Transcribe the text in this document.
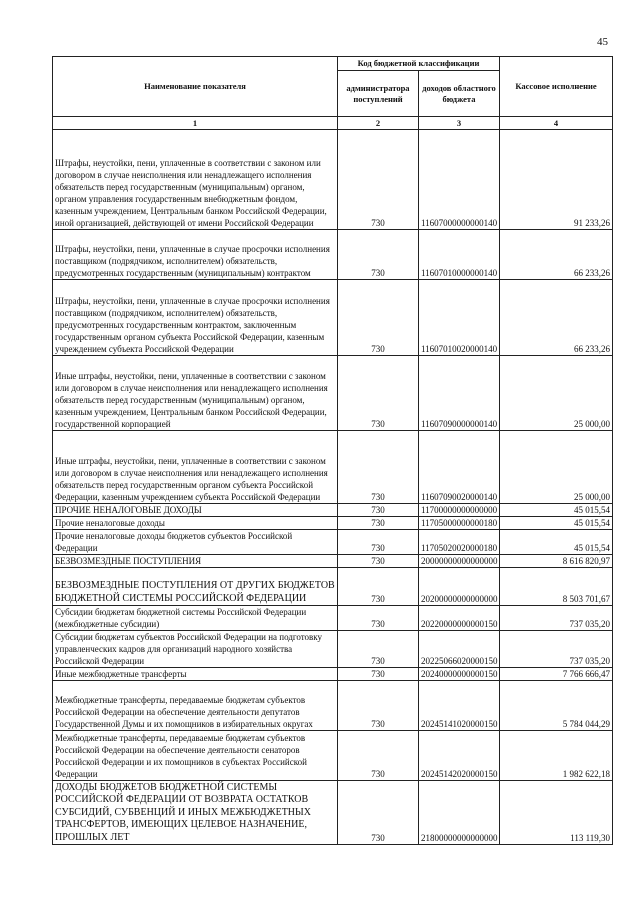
45
Наименование показателя	Код бюджетной классификации		Кассовое исполнение
	администратора поступлений	доходов областного бюджета	
1	2	3	4
Штрафы, неустойки, пени, уплаченные в соответствии с законом или договором в случае неисполнения или ненадлежащего исполнения обязательств перед государственным (муниципальным) органом, органом управления государственным внебюджетным фондом, казенным учреждением, Центральным банком Российской Федерации, иной организацией, действующей от имени Российской Федерации	730	11607000000000140	91 233,26
Штрафы, неустойки, пени, уплаченные в случае просрочки исполнения поставщиком (подрядчиком, исполнителем) обязательств, предусмотренных государственным (муниципальным) контрактом	730	11607010000000140	66 233,26
Штрафы, неустойки, пени, уплаченные в случае просрочки исполнения поставщиком (подрядчиком, исполнителем) обязательств, предусмотренных государственным контрактом, заключенным государственным органом субъекта Российской Федерации, казенным учреждением субъекта Российской Федерации	730	11607010020000140	66 233,26
Иные штрафы, неустойки, пени, уплаченные в соответствии с законом или договором в случае неисполнения или ненадлежащего исполнения обязательств перед государственным (муниципальным) органом, казенным учреждением, Центральным банком Российской Федерации, государственной корпорацией	730	11607090000000140	25 000,00
Иные штрафы, неустойки, пени, уплаченные в соответствии с законом или договором в случае неисполнения или ненадлежащего исполнения обязательств перед государственным органом субъекта Российской Федерации, казенным учреждением субъекта Российской Федерации	730	11607090020000140	25 000,00
ПРОЧИЕ НЕНАЛОГОВЫЕ ДОХОДЫ	730	11700000000000000	45 015,54
Прочие неналоговые доходы	730	11705000000000180	45 015,54
Прочие неналоговые доходы бюджетов субъектов Российской Федерации	730	11705020020000180	45 015,54
БЕЗВОЗМЕЗДНЫЕ ПОСТУПЛЕНИЯ	730	20000000000000000	8 616 820,97
БЕЗВОЗМЕЗДНЫЕ ПОСТУПЛЕНИЯ ОТ ДРУГИХ БЮДЖЕТОВ БЮДЖЕТНОЙ СИСТЕМЫ РОССИЙСКОЙ ФЕДЕРАЦИИ	730	20200000000000000	8 503 701,67
Субсидии бюджетам бюджетной системы Российской Федерации (межбюджетные субсидии)	730	20220000000000150	737 035,20
Субсидии бюджетам субъектов Российской Федерации на подготовку управленческих кадров для организаций народного хозяйства Российской Федерации	730	20225066020000150	737 035,20
Иные межбюджетные трансферты	730	20240000000000150	7 766 666,47
Межбюджетные трансферты, передаваемые бюджетам субъектов Российской Федерации на обеспечение деятельности депутатов Государственной Думы и их помощников в избирательных округах	730	20245141020000150	5 784 044,29
Межбюджетные трансферты, передаваемые бюджетам субъектов Российской Федерации на обеспечение деятельности сенаторов Российской Федерации и их помощников в субъектах Российской Федерации	730	20245142020000150	1 982 622,18
ДОХОДЫ БЮДЖЕТОВ БЮДЖЕТНОЙ СИСТЕМЫ РОССИЙСКОЙ ФЕДЕРАЦИИ ОТ ВОЗВРАТА ОСТАТКОВ СУБСИДИЙ, СУБВЕНЦИЙ И ИНЫХ МЕЖБЮДЖЕТНЫХ ТРАНСФЕРТОВ, ИМЕЮЩИХ ЦЕЛЕВОЕ НАЗНАЧЕНИЕ, ПРОШЛЫХ ЛЕТ	730	21800000000000000	113 119,30
